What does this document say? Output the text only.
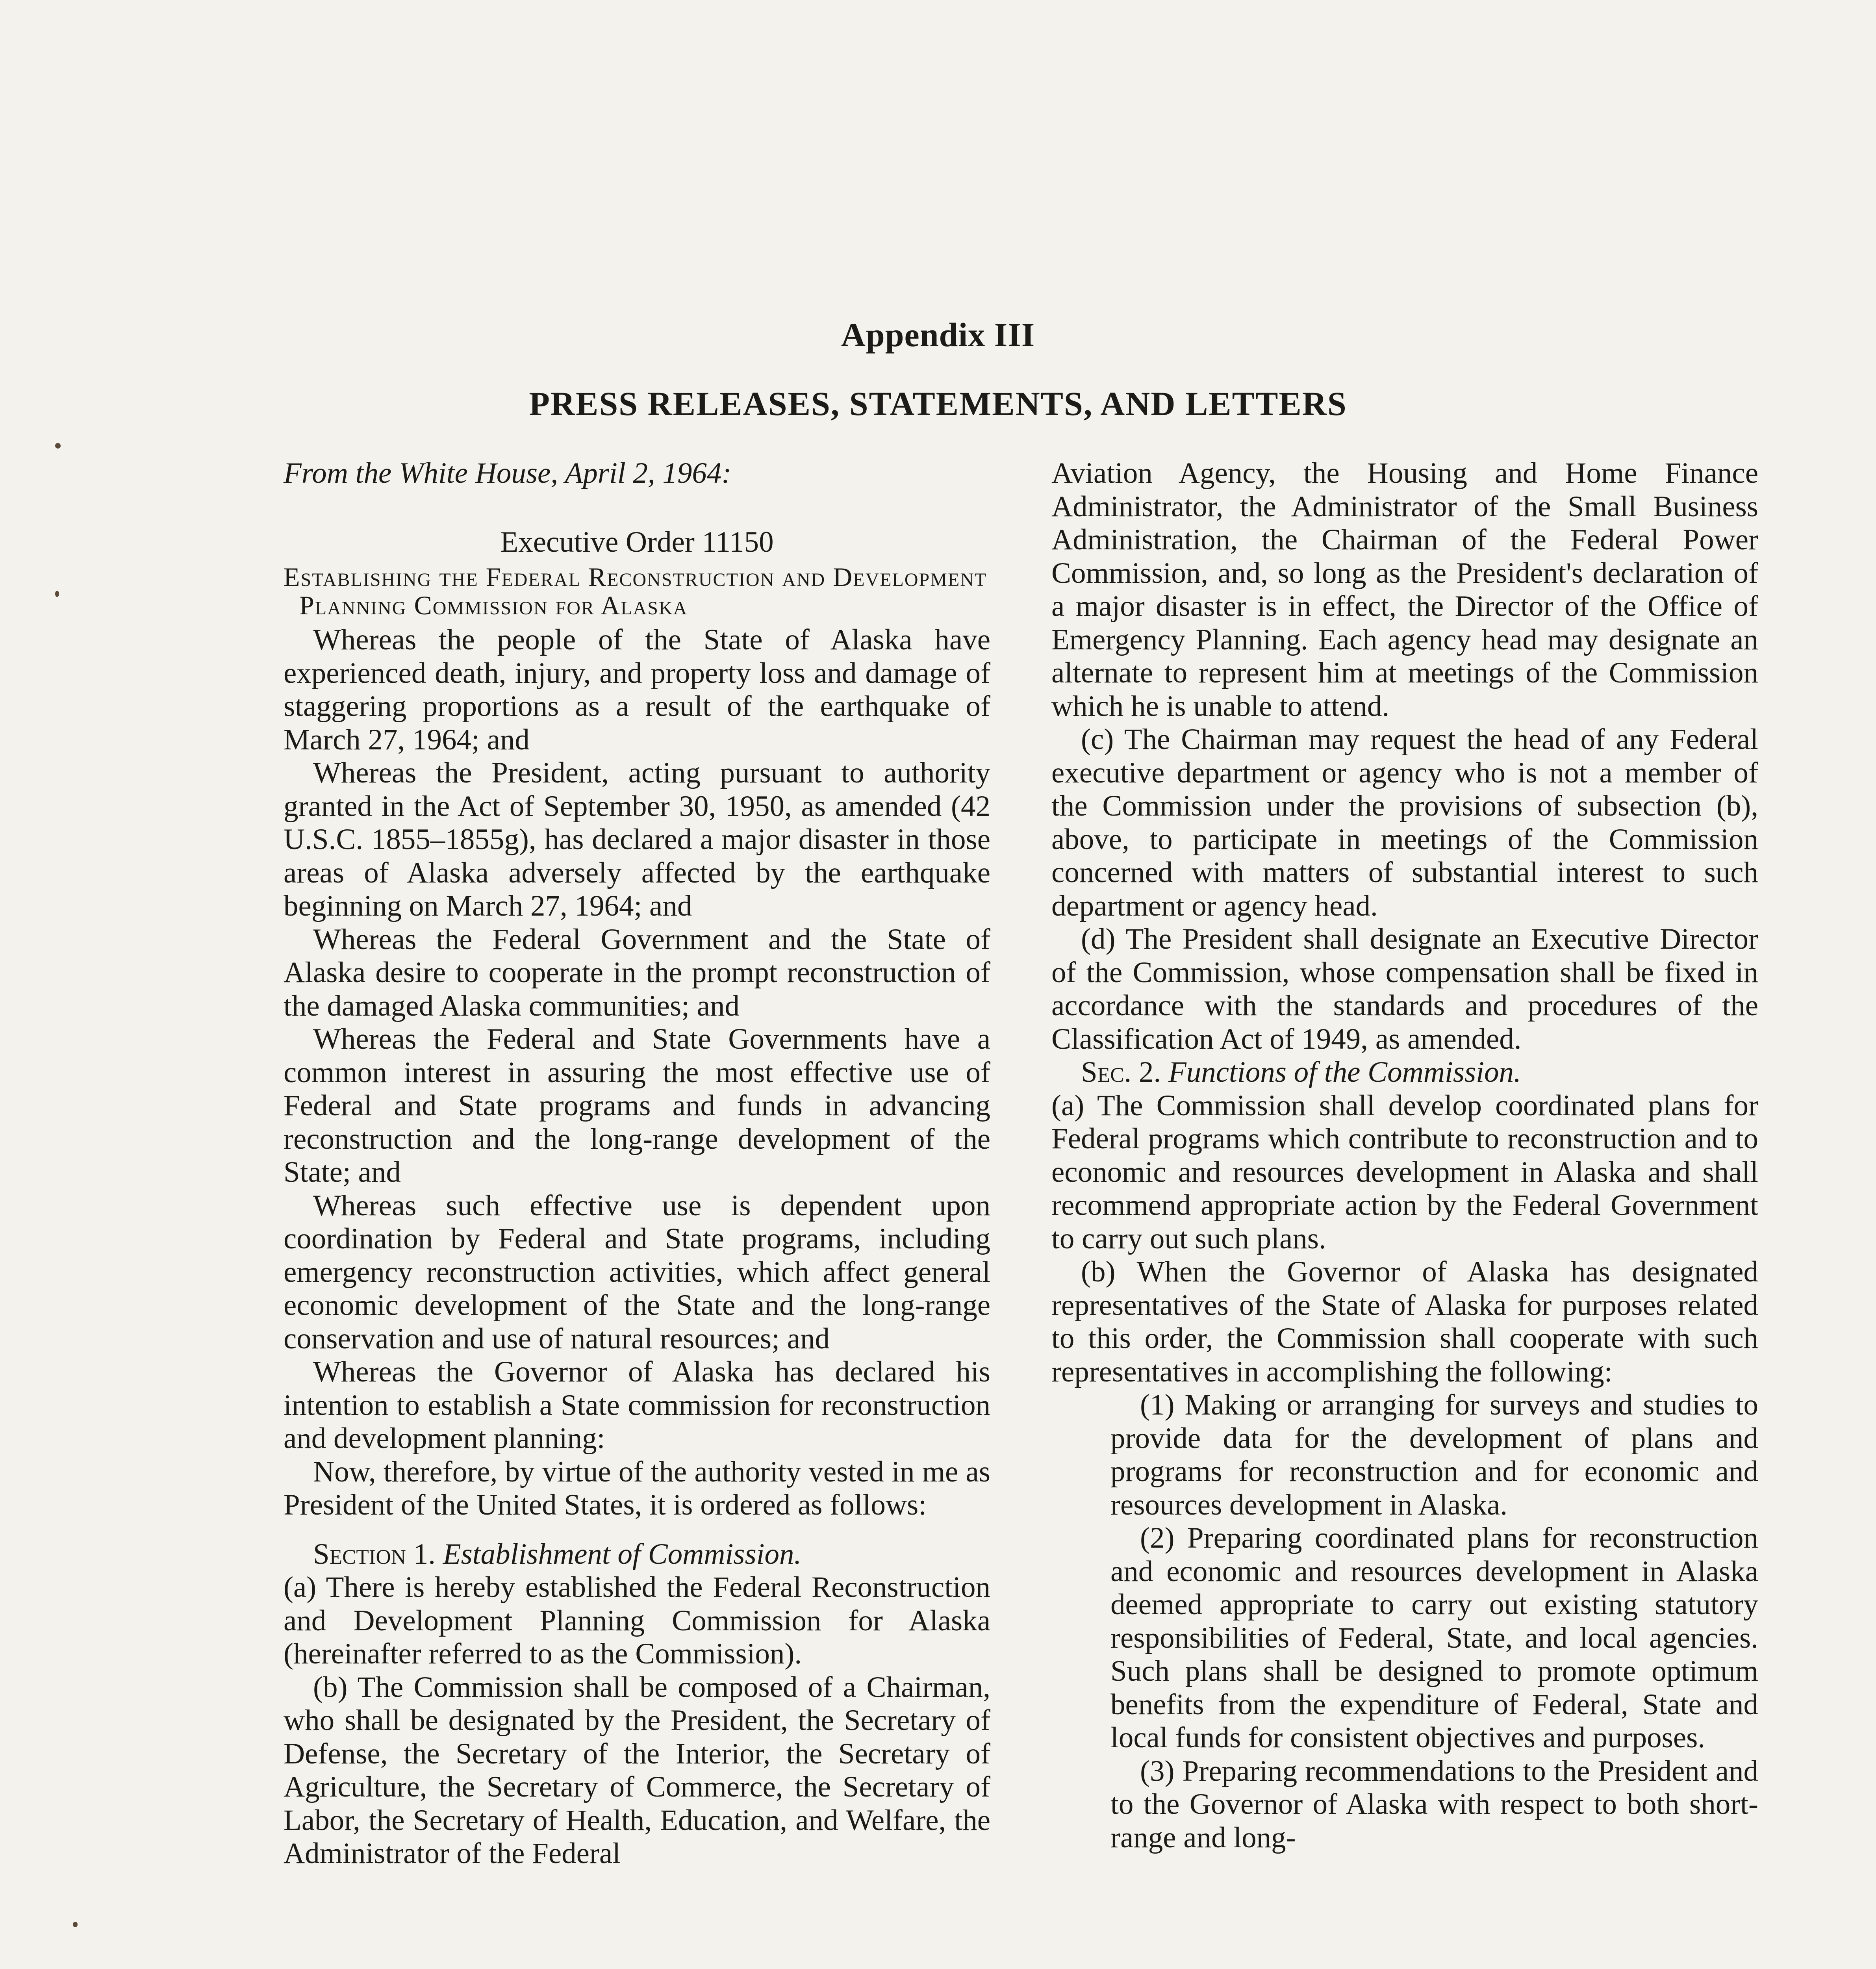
Appendix III
PRESS RELEASES, STATEMENTS, AND LETTERS

From the White House, April 2, 1964:

Executive Order 11150

Establishing the Federal Reconstruction and Development Planning Commission for Alaska

Whereas the people of the State of Alaska have experienced death, injury, and property loss and damage of staggering proportions as a result of the earthquake of March 27, 1964; and

Whereas the President, acting pursuant to authority granted in the Act of September 30, 1950, as amended (42 U.S.C. 1855–1855g), has declared a major disaster in those areas of Alaska adversely affected by the earthquake beginning on March 27, 1964; and

Whereas the Federal Government and the State of Alaska desire to cooperate in the prompt reconstruction of the damaged Alaska communities; and

Whereas the Federal and State Governments have a common interest in assuring the most effective use of Federal and State programs and funds in advancing reconstruction and the long-range development of the State; and

Whereas such effective use is dependent upon coordination by Federal and State programs, including emergency reconstruction activities, which affect general economic development of the State and the long-range conservation and use of natural resources; and

Whereas the Governor of Alaska has declared his intention to establish a State commission for reconstruction and development planning:

Now, therefore, by virtue of the authority vested in me as President of the United States, it is ordered as follows:

Section 1. Establishment of Commission.

(a) There is hereby established the Federal Reconstruction and Development Planning Commission for Alaska (hereinafter referred to as the Commission).

(b) The Commission shall be composed of a Chairman, who shall be designated by the President, the Secretary of Defense, the Secretary of the Interior, the Secretary of Agriculture, the Secretary of Commerce, the Secretary of Labor, the Secretary of Health, Education, and Welfare, the Administrator of the Federal

Aviation Agency, the Housing and Home Finance Administrator, the Administrator of the Small Business Administration, the Chairman of the Federal Power Commission, and, so long as the President's declaration of a major disaster is in effect, the Director of the Office of Emergency Planning. Each agency head may designate an alternate to represent him at meetings of the Commission which he is unable to attend.

(c) The Chairman may request the head of any Federal executive department or agency who is not a member of the Commission under the provisions of subsection (b), above, to participate in meetings of the Commission concerned with matters of substantial interest to such department or agency head.

(d) The President shall designate an Executive Director of the Commission, whose compensation shall be fixed in accordance with the standards and procedures of the Classification Act of 1949, as amended.

Sec. 2. Functions of the Commission.

(a) The Commission shall develop coordinated plans for Federal programs which contribute to reconstruction and to economic and resources development in Alaska and shall recommend appropriate action by the Federal Government to carry out such plans.

(b) When the Governor of Alaska has designated representatives of the State of Alaska for purposes related to this order, the Commission shall cooperate with such representatives in accomplishing the following:

(1) Making or arranging for surveys and studies to provide data for the development of plans and programs for reconstruction and for economic and resources development in Alaska.

(2) Preparing coordinated plans for reconstruction and economic and resources development in Alaska deemed appropriate to carry out existing statutory responsibilities of Federal, State, and local agencies. Such plans shall be designed to promote optimum benefits from the expenditure of Federal, State and local funds for consistent objectives and purposes.

(3) Preparing recommendations to the President and to the Governor of Alaska with respect to both short-range and long-
